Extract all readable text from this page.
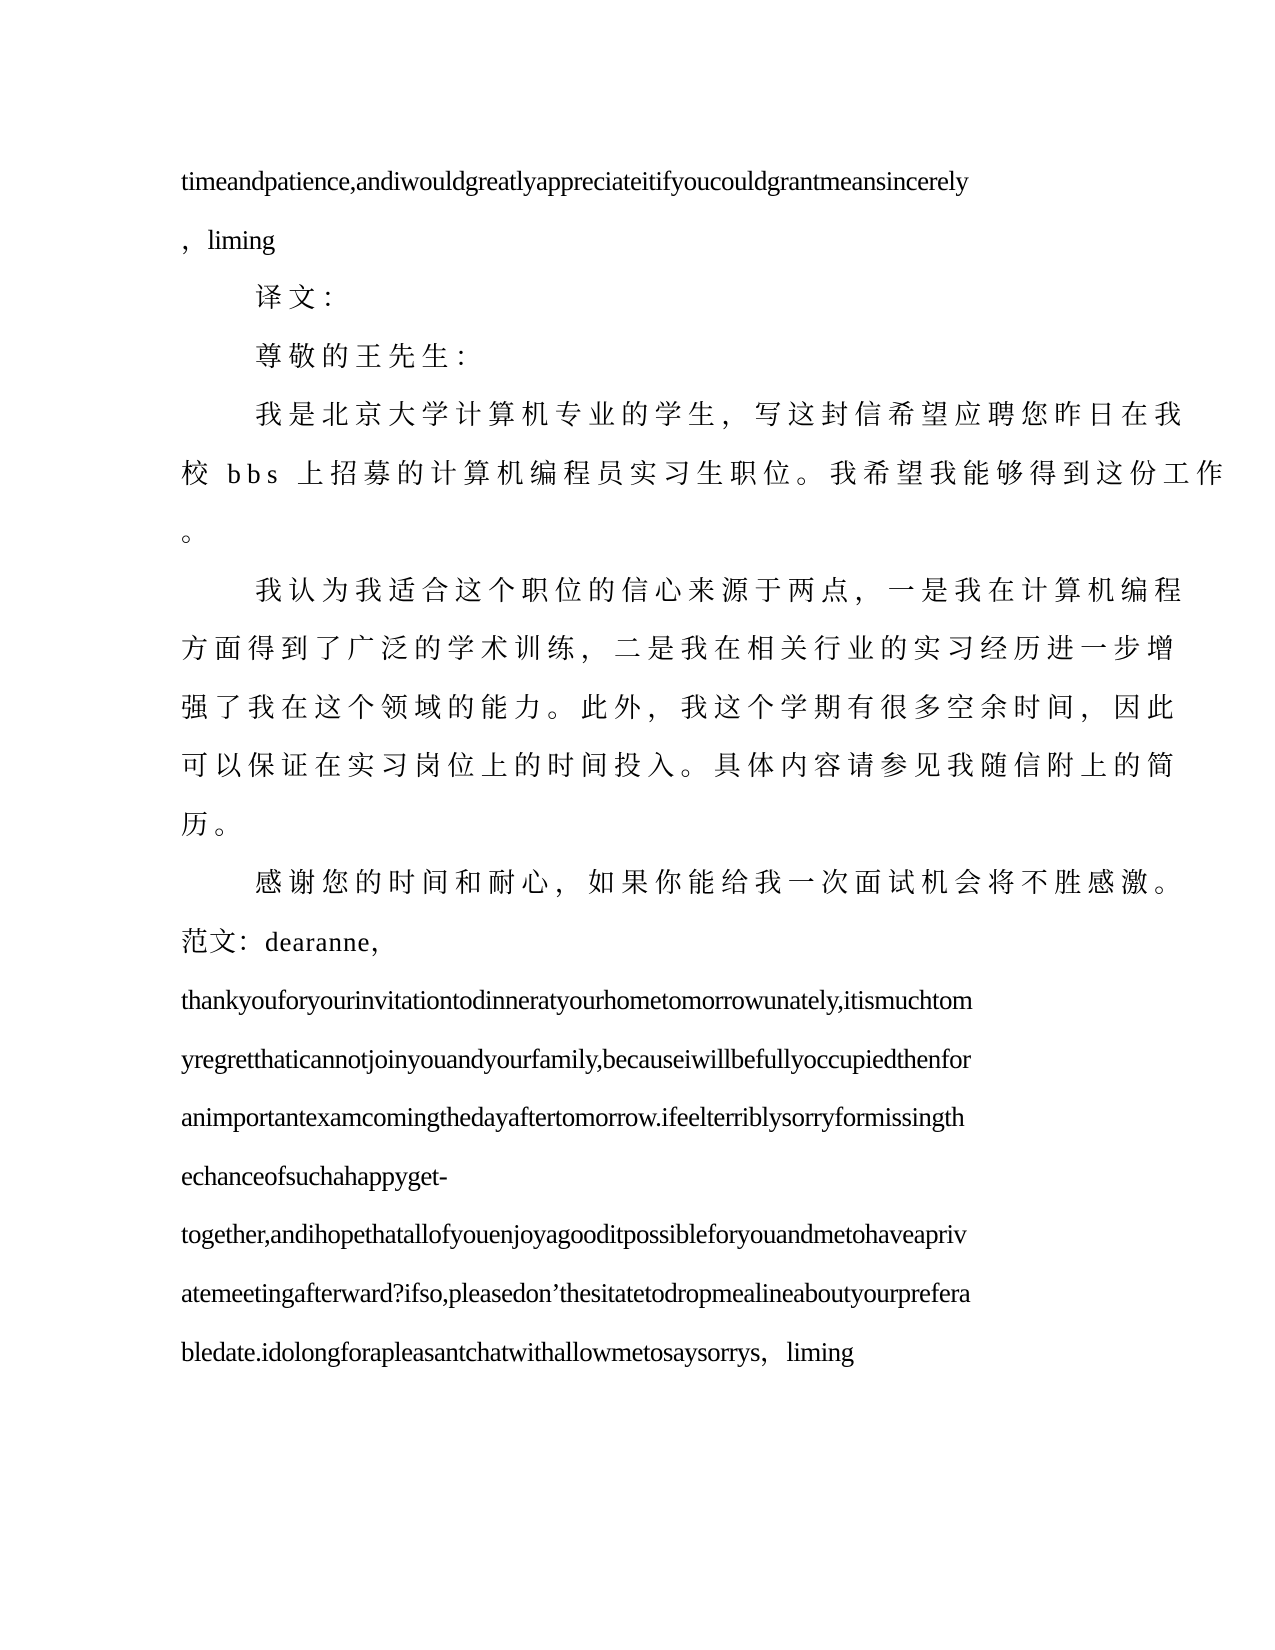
timeandpatience,andiwouldgreatlyappreciateitifyoucouldgrantmeansincerely

，liming

译文：

尊敬的王先生：

我是北京大学计算机专业的学生，写这封信希望应聘您昨日在我

校 bbs 上招募的计算机编程员实习生职位。我希望我能够得到这份工作

。

我认为我适合这个职位的信心来源于两点，一是我在计算机编程

方面得到了广泛的学术训练，二是我在相关行业的实习经历进一步增

强了我在这个领域的能力。此外，我这个学期有很多空余时间，因此

可以保证在实习岗位上的时间投入。具体内容请参见我随信附上的简

历。

感谢您的时间和耐心，如果你能给我一次面试机会将不胜感激。

范文：dearanne，

thankyouforyourinvitationtodinneratyourhometomorrowunately,itismuchtom

yregretthaticannotjoinyouandyourfamily,becauseiwillbefullyoccupiedthenfor

animportantexamcomingthedayaftertomorrow.ifeelterriblysorryformissingth

echanceofsuchahappyget-

together,andihopethatallofyouenjoyagooditpossibleforyouandmetohaveapriv

atemeetingafterward?ifso,pleasedon’thesitatetodropmealineaboutyourprefera

bledate.idolongforapleasantchatwithallowmetosaysorrys，liming
